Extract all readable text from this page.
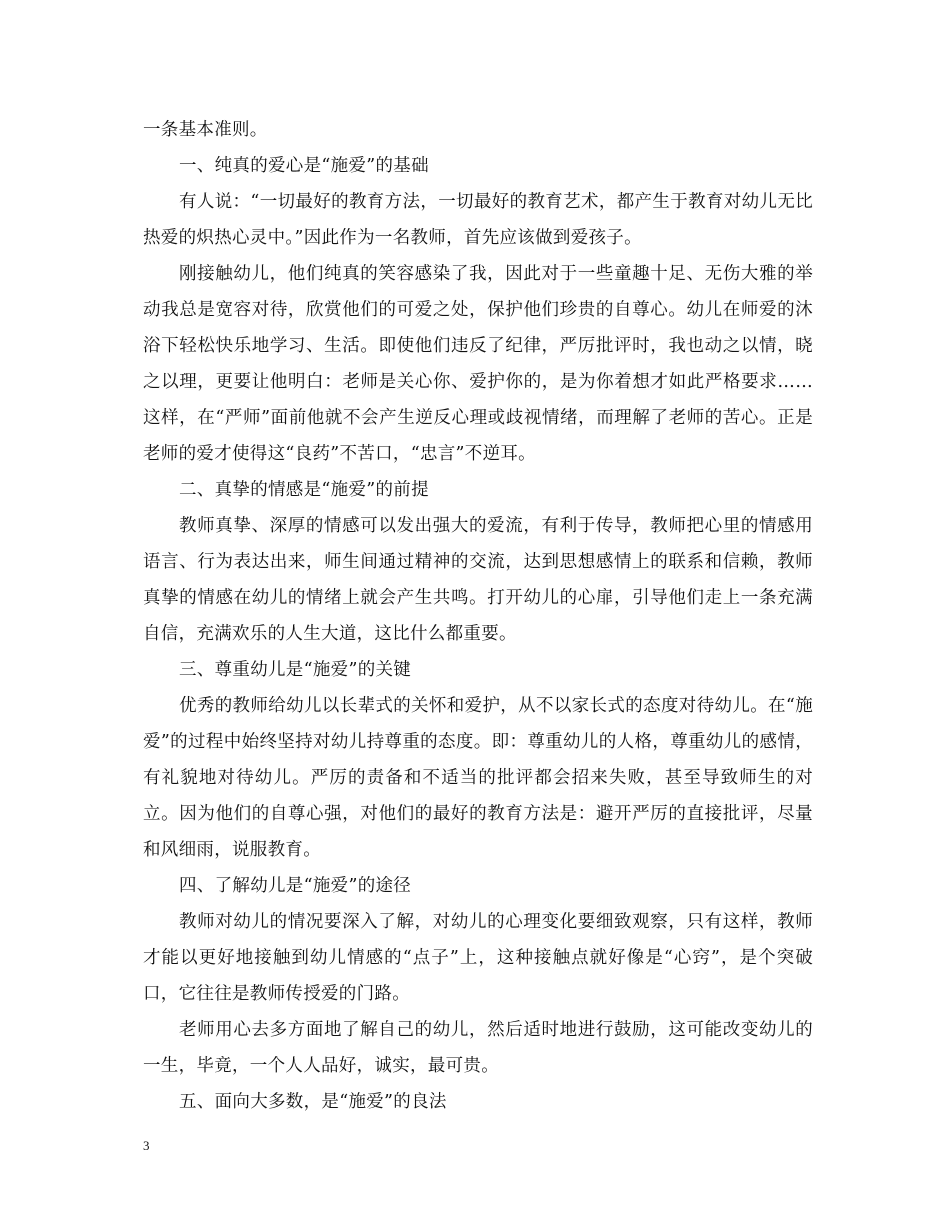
一条基本准则。

一、纯真的爱心是“施爱”的基础

有人说：“一切最好的教育方法，一切最好的教育艺术，都产生于教育对幼儿无比热爱的炽热心灵中。”因此作为一名教师，首先应该做到爱孩子。

刚接触幼儿，他们纯真的笑容感染了我，因此对于一些童趣十足、无伤大雅的举动我总是宽容对待，欣赏他们的可爱之处，保护他们珍贵的自尊心。幼儿在师爱的沐浴下轻松快乐地学习、生活。即使他们违反了纪律，严厉批评时，我也动之以情，晓之以理，更要让他明白：老师是关心你、爱护你的，是为你着想才如此严格要求……这样，在“严师”面前他就不会产生逆反心理或歧视情绪，而理解了老师的苦心。正是老师的爱才使得这“良药”不苦口，“忠言”不逆耳。

二、真挚的情感是“施爱”的前提

教师真挚、深厚的情感可以发出强大的爱流，有利于传导，教师把心里的情感用语言、行为表达出来，师生间通过精神的交流，达到思想感情上的联系和信赖，教师真挚的情感在幼儿的情绪上就会产生共鸣。打开幼儿的心扉，引导他们走上一条充满自信，充满欢乐的人生大道，这比什么都重要。

三、尊重幼儿是“施爱”的关键

优秀的教师给幼儿以长辈式的关怀和爱护，从不以家长式的态度对待幼儿。在“施爱”的过程中始终坚持对幼儿持尊重的态度。即：尊重幼儿的人格，尊重幼儿的感情，有礼貌地对待幼儿。严厉的责备和不适当的批评都会招来失败，甚至导致师生的对立。因为他们的自尊心强，对他们的最好的教育方法是：避开严厉的直接批评，尽量和风细雨，说服教育。

四、了解幼儿是“施爱”的途径

教师对幼儿的情况要深入了解，对幼儿的心理变化要细致观察，只有这样，教师才能以更好地接触到幼儿情感的“点子”上，这种接触点就好像是“心窍”，是个突破口，它往往是教师传授爱的门路。

老师用心去多方面地了解自己的幼儿，然后适时地进行鼓励，这可能改变幼儿的一生，毕竟，一个人人品好，诚实，最可贵。

五、面向大多数，是“施爱”的良法

3
